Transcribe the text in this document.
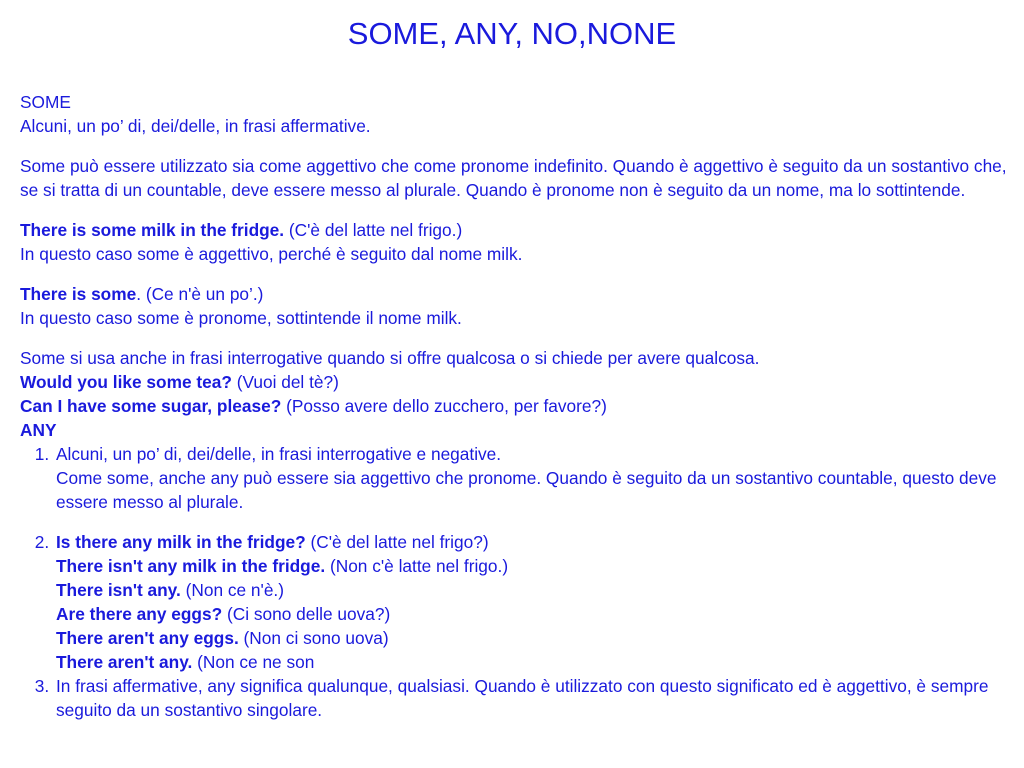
SOME, ANY, NO,NONE

SOME

Alcuni, un po’ di, dei/delle, in frasi affermative.

Some può essere utilizzato sia come aggettivo che come pronome indefinito. Quando è aggettivo è seguito da un sostantivo che, se si tratta di un countable, deve essere messo al plurale. Quando è pronome non è seguito da un nome, ma lo sottintende.

There is some milk in the fridge. (C'è del latte nel frigo.)

In questo caso some è aggettivo, perché è seguito dal nome milk.

There is some. (Ce n'è un po’.)

In questo caso some è pronome, sottintende il nome milk.

Some si usa anche in frasi interrogative quando si offre qualcosa o si chiede per avere qualcosa.

Would you like some tea? (Vuoi del tè?)

Can I have some sugar, please? (Posso avere dello zucchero, per favore?)

ANY

1. Alcuni, un po’ di, dei/delle, in frasi interrogative e negative.

Come some, anche any può essere sia aggettivo che pronome. Quando è seguito da un sostantivo countable, questo deve essere messo al plurale.

2. Is there any milk in the fridge? (C'è del latte nel frigo?)

There isn't any milk in the fridge. (Non c'è latte nel frigo.)

There isn't any. (Non ce n'è.)

Are there any eggs? (Ci sono delle uova?)

There aren't any eggs. (Non ci sono uova)

There aren't any. (Non ce ne son

3. In frasi affermative, any significa qualunque, qualsiasi. Quando è utilizzato con questo significato ed è aggettivo, è sempre seguito da un sostantivo singolare.
